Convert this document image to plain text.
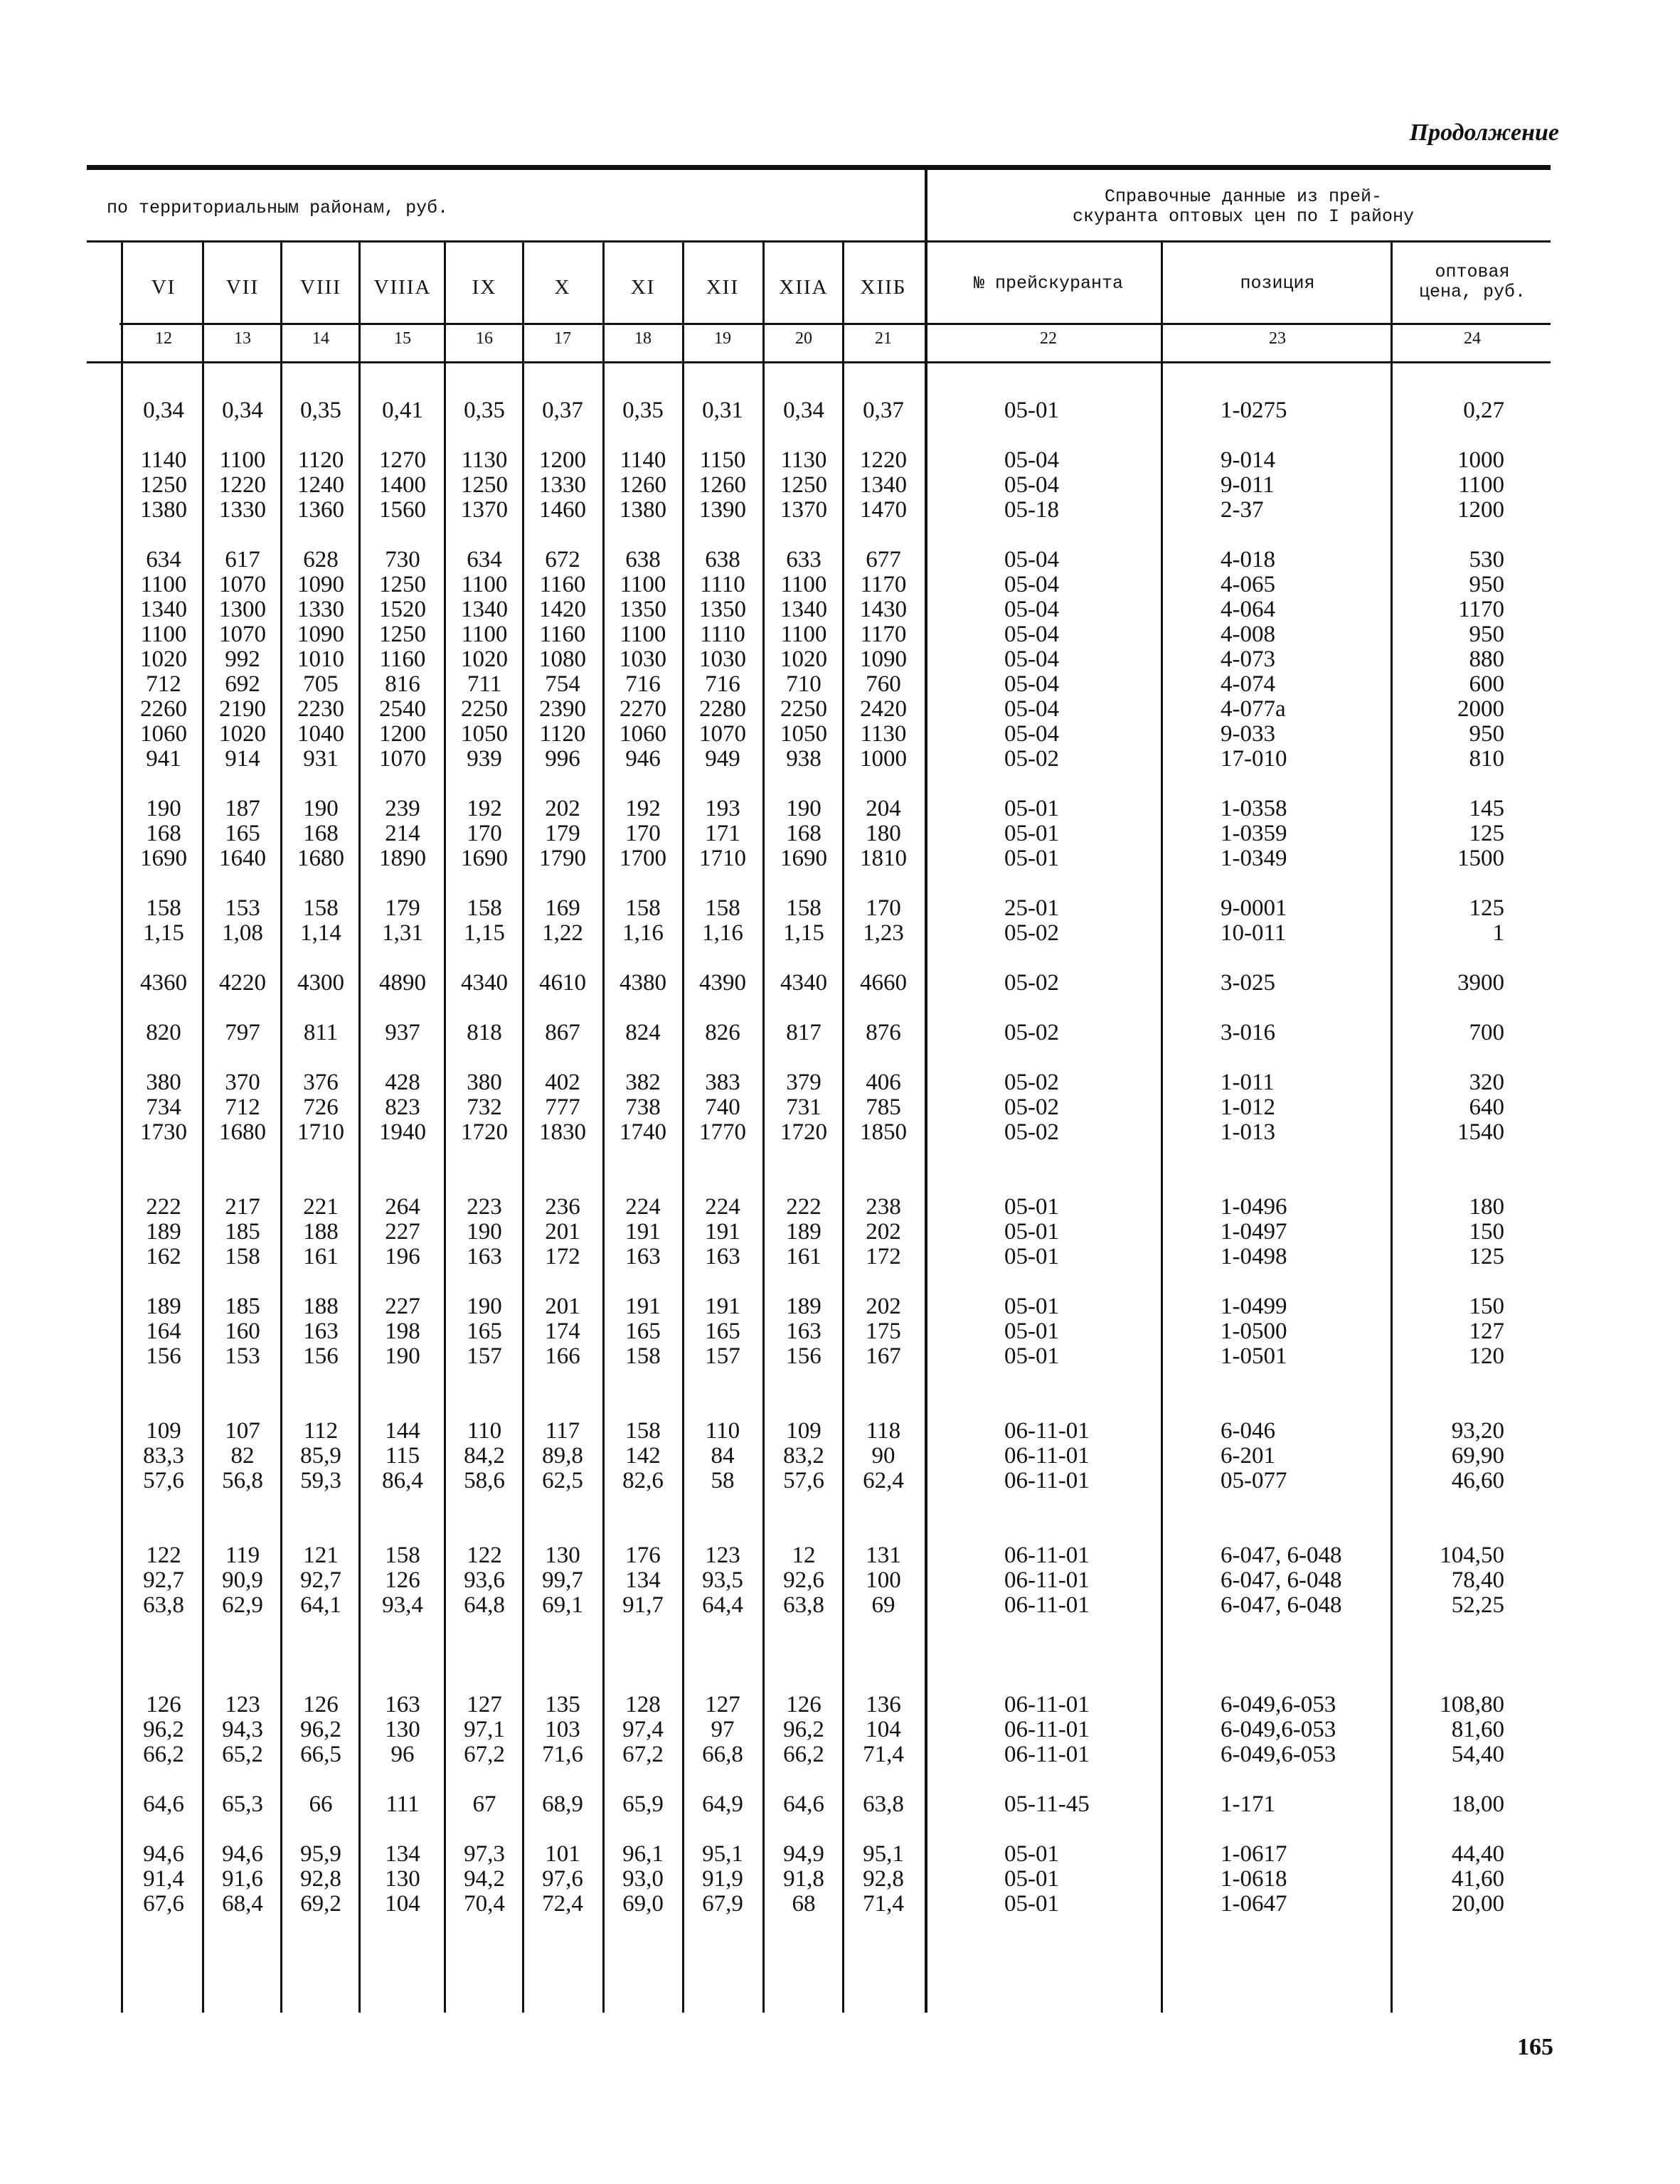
Продолжение
по территориальным районам, руб.
Справочные данные из прей-
скуранта оптовых цен по I району
VI	VII	VIII	VIIIA	IX	X	XI	XII	XIIA	XIIБ	№ прейскуранта	позиция
оптовая
цена, руб.
12	13	14	15	16	17	18	19	20	21	22	23	24
0,34	0,34	0,35	0,41	0,35	0,37	0,35	0,31	0,34	0,37	05-01	1-0275	0,27
1140	1100	1120	1270	1130	1200	1140	1150	1130	1220	05-04	9-014	1000
1250	1220	1240	1400	1250	1330	1260	1260	1250	1340	05-04	9-011	1100
1380	1330	1360	1560	1370	1460	1380	1390	1370	1470	05-18	2-37	1200
634	617	628	730	634	672	638	638	633	677	05-04	4-018	530
1100	1070	1090	1250	1100	1160	1100	1110	1100	1170	05-04	4-065	950
1340	1300	1330	1520	1340	1420	1350	1350	1340	1430	05-04	4-064	1170
1100	1070	1090	1250	1100	1160	1100	1110	1100	1170	05-04	4-008	950
1020	992	1010	1160	1020	1080	1030	1030	1020	1090	05-04	4-073	880
712	692	705	816	711	754	716	716	710	760	05-04	4-074	600
2260	2190	2230	2540	2250	2390	2270	2280	2250	2420	05-04	4-077а	2000
1060	1020	1040	1200	1050	1120	1060	1070	1050	1130	05-04	9-033	950
941	914	931	1070	939	996	946	949	938	1000	05-02	17-010	810
190	187	190	239	192	202	192	193	190	204	05-01	1-0358	145
168	165	168	214	170	179	170	171	168	180	05-01	1-0359	125
1690	1640	1680	1890	1690	1790	1700	1710	1690	1810	05-01	1-0349	1500
158	153	158	179	158	169	158	158	158	170	25-01	9-0001	125
1,15	1,08	1,14	1,31	1,15	1,22	1,16	1,16	1,15	1,23	05-02	10-011	1
4360	4220	4300	4890	4340	4610	4380	4390	4340	4660	05-02	3-025	3900
820	797	811	937	818	867	824	826	817	876	05-02	3-016	700
380	370	376	428	380	402	382	383	379	406	05-02	1-011	320
734	712	726	823	732	777	738	740	731	785	05-02	1-012	640
1730	1680	1710	1940	1720	1830	1740	1770	1720	1850	05-02	1-013	1540
222	217	221	264	223	236	224	224	222	238	05-01	1-0496	180
189	185	188	227	190	201	191	191	189	202	05-01	1-0497	150
162	158	161	196	163	172	163	163	161	172	05-01	1-0498	125
189	185	188	227	190	201	191	191	189	202	05-01	1-0499	150
164	160	163	198	165	174	165	165	163	175	05-01	1-0500	127
156	153	156	190	157	166	158	157	156	167	05-01	1-0501	120
109	107	112	144	110	117	158	110	109	118	06-11-01	6-046	93,20
83,3	82	85,9	115	84,2	89,8	142	84	83,2	90	06-11-01	6-201	69,90
57,6	56,8	59,3	86,4	58,6	62,5	82,6	58	57,6	62,4	06-11-01	05-077	46,60
122	119	121	158	122	130	176	123	12	131	06-11-01	6-047, 6-048	104,50
92,7	90,9	92,7	126	93,6	99,7	134	93,5	92,6	100	06-11-01	6-047, 6-048	78,40
63,8	62,9	64,1	93,4	64,8	69,1	91,7	64,4	63,8	69	06-11-01	6-047, 6-048	52,25
126	123	126	163	127	135	128	127	126	136	06-11-01	6-049,6-053	108,80
96,2	94,3	96,2	130	97,1	103	97,4	97	96,2	104	06-11-01	6-049,6-053	81,60
66,2	65,2	66,5	96	67,2	71,6	67,2	66,8	66,2	71,4	06-11-01	6-049,6-053	54,40
64,6	65,3	66	111	67	68,9	65,9	64,9	64,6	63,8	05-11-45	1-171	18,00
94,6	94,6	95,9	134	97,3	101	96,1	95,1	94,9	95,1	05-01	1-0617	44,40
91,4	91,6	92,8	130	94,2	97,6	93,0	91,9	91,8	92,8	05-01	1-0618	41,60
67,6	68,4	69,2	104	70,4	72,4	69,0	67,9	68	71,4	05-01	1-0647	20,00
165
